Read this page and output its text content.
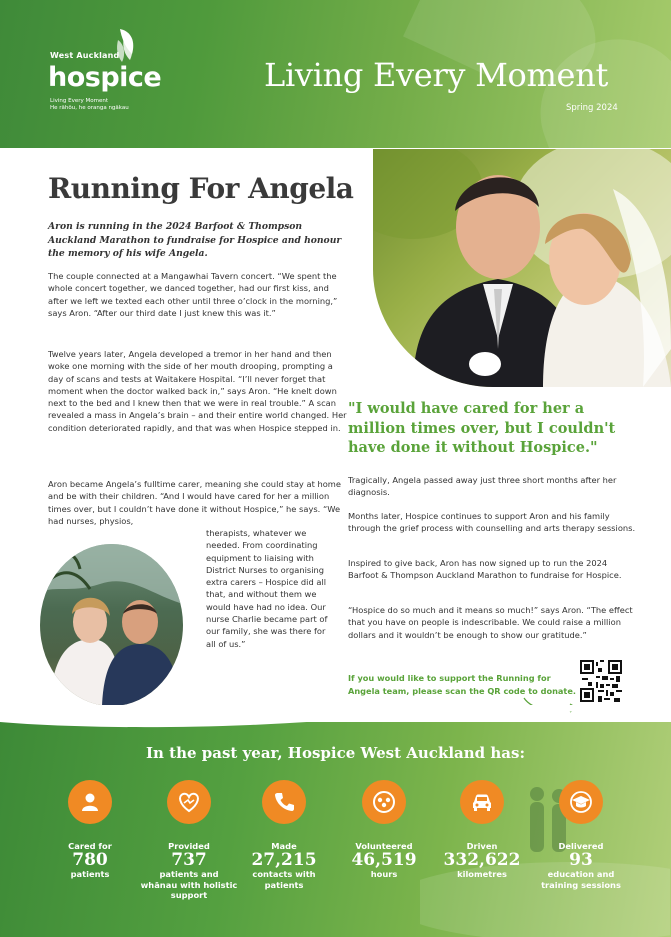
West Auckland
hospice
Living Every Moment
He rāhōu, he oranga ngākau
Living Every Moment
Spring 2024
Running For Angela
Aron is running in the 2024 Barfoot & Thompson Auckland Marathon to fundraise for Hospice and honour the memory of his wife Angela.
The couple connected at a Mangawhai Tavern concert. “We spent the whole concert together, we danced together, had our first kiss, and after we left we texted each other until three o’clock in the morning,” says Aron. “After our third date I just knew this was it.”
Twelve years later, Angela developed a tremor in her hand and then woke one morning with the side of her mouth drooping, prompting a day of scans and tests at Waitakere Hospital. “I’ll never forget that moment when the doctor walked back in,” says Aron. “He knelt down next to the bed and I knew then that we were in real trouble.” A scan revealed a mass in Angela’s brain – and their entire world changed. Her condition deteriorated rapidly, and that was when Hospice stepped in.
Aron became Angela’s fulltime carer, meaning she could stay at home and be with their children. “And I would have cared for her a million times over, but I couldn’t have done it without Hospice,” he says. “We had nurses, physios,
therapists, whatever we needed. From coordinating equipment to liaising with District Nurses to organising extra carers – Hospice did all that, and without them we would have had no idea. Our nurse Charlie became part of our family, she was there for all of us.”
"I would have cared for her a million times over, but I couldn't have done it without Hospice."
Tragically, Angela passed away just three short months after her diagnosis.
Months later, Hospice continues to support Aron and his family through the grief process with counselling and arts therapy sessions.
Inspired to give back, Aron has now signed up to run the 2024 Barfoot & Thompson Auckland Marathon to fundraise for Hospice.
“Hospice do so much and it means so much!” says Aron. “The effect that you have on people is indescribable. We could raise a million dollars and it wouldn’t be enough to show our gratitude.”
If you would like to support the Running for Angela team, please scan the QR code to donate.
In the past year, Hospice West Auckland has:
Cared for
780
patients
Provided
737
patients and whānau with holistic support
Made
27,215
contacts with patients
Volunteered
46,519
hours
Driven
332,622
kilometres
Delivered
93
education and training sessions
